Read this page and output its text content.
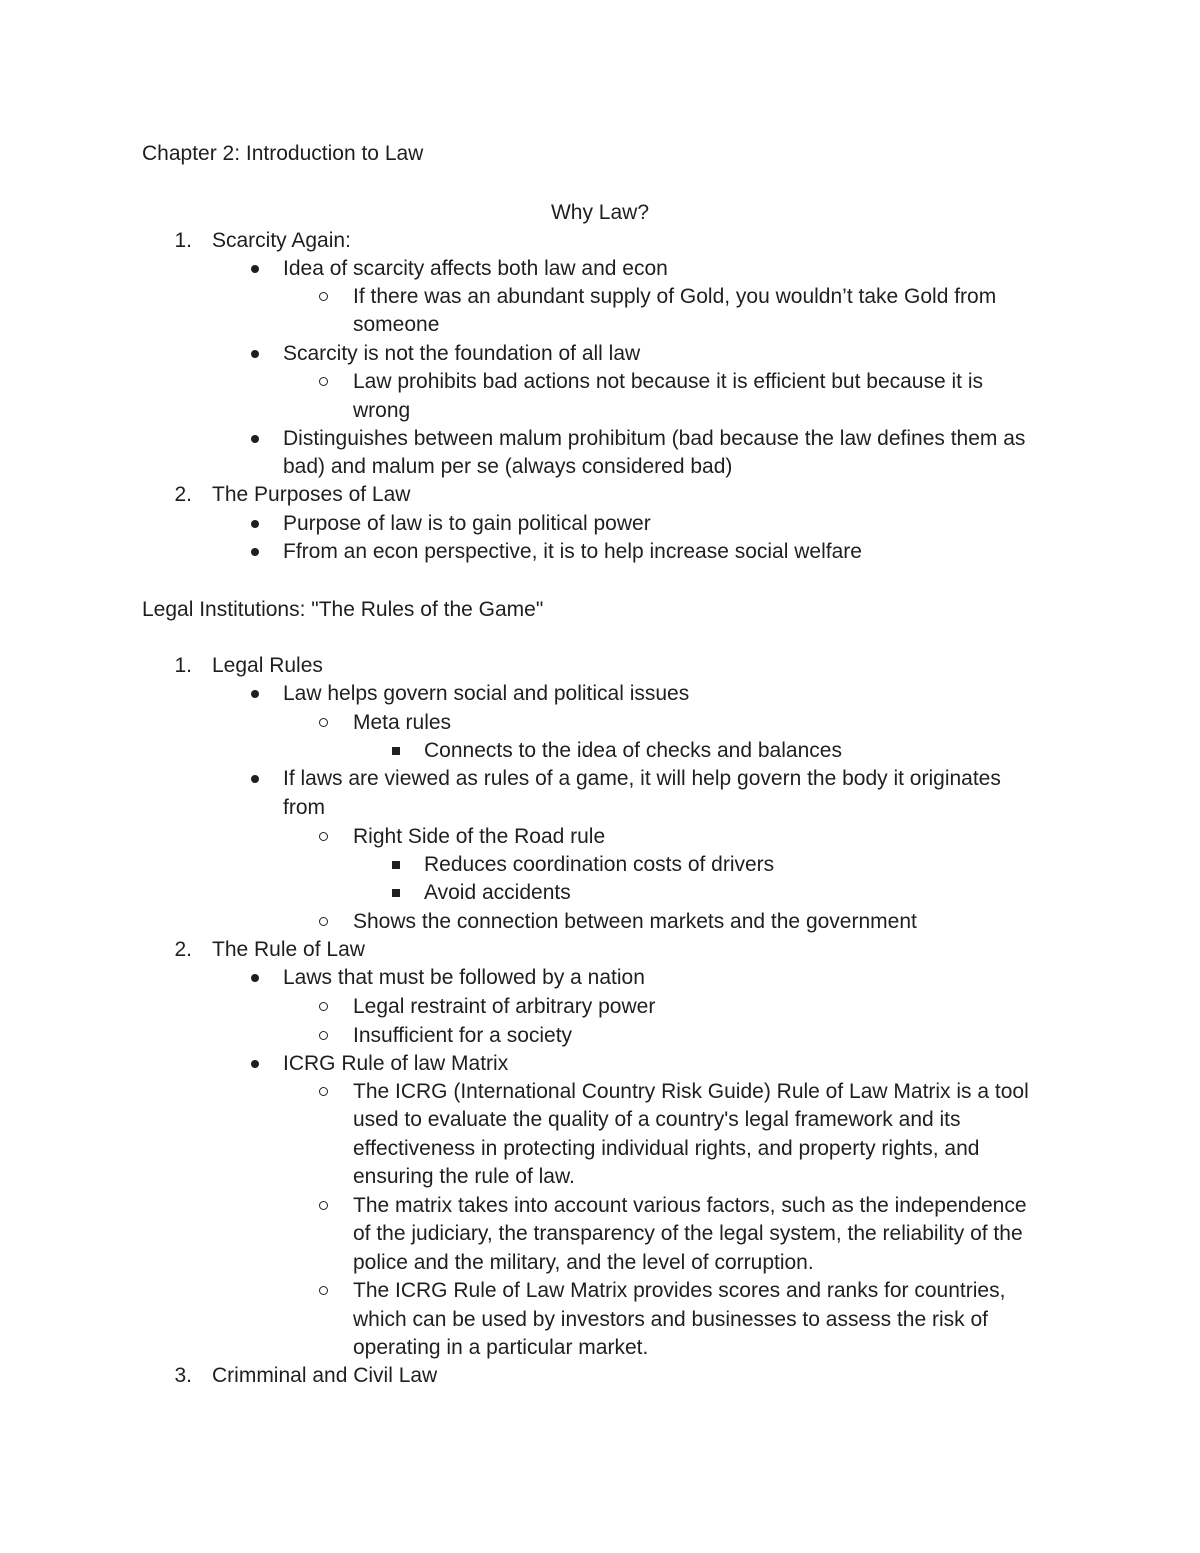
Chapter 2: Introduction to Law
Why Law?
1. Scarcity Again:
Idea of scarcity affects both law and econ
If there was an abundant supply of Gold, you wouldn’t take Gold from
someone
Scarcity is not the foundation of all law
Law prohibits bad actions not because it is efficient but because it is
wrong
Distinguishes between malum prohibitum (bad because the law defines them as
bad) and malum per se (always considered bad)
2. The Purposes of Law
Purpose of law is to gain political power
Ffrom an econ perspective, it is to help increase social welfare
Legal Institutions: "The Rules of the Game"
1. Legal Rules
Law helps govern social and political issues
Meta rules
Connects to the idea of checks and balances
If laws are viewed as rules of a game, it will help govern the body it originates
from
Right Side of the Road rule
Reduces coordination costs of drivers
Avoid accidents
Shows the connection between markets and the government
2. The Rule of Law
Laws that must be followed by a nation
Legal restraint of arbitrary power
Insufficient for a society
ICRG Rule of law Matrix
The ICRG (International Country Risk Guide) Rule of Law Matrix is a tool
used to evaluate the quality of a country's legal framework and its
effectiveness in protecting individual rights, and property rights, and
ensuring the rule of law.
The matrix takes into account various factors, such as the independence
of the judiciary, the transparency of the legal system, the reliability of the
police and the military, and the level of corruption.
The ICRG Rule of Law Matrix provides scores and ranks for countries,
which can be used by investors and businesses to assess the risk of
operating in a particular market.
3. Crimminal and Civil Law
